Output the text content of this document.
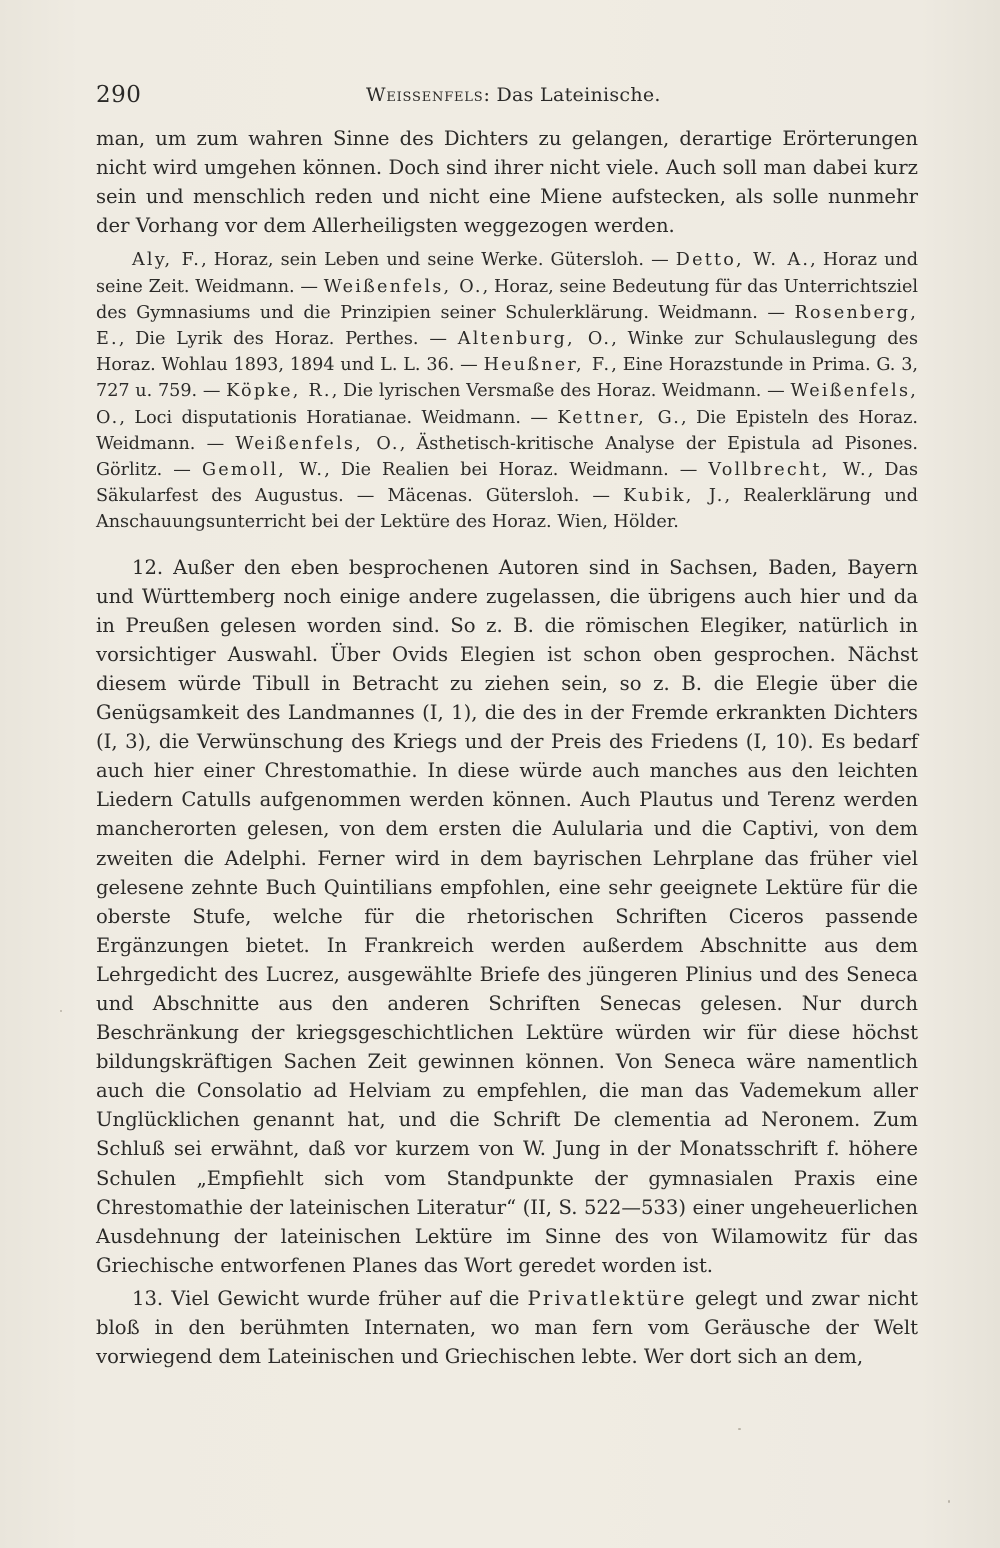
290	Weissenfels: Das Lateinische.

man, um zum wahren Sinne des Dichters zu gelangen, derartige Erörterungen nicht wird umgehen können. Doch sind ihrer nicht viele. Auch soll man dabei kurz sein und menschlich reden und nicht eine Miene aufstecken, als solle nunmehr der Vorhang vor dem Allerheiligsten weggezogen werden.

Aly, F., Horaz, sein Leben und seine Werke. Gütersloh. — Detto, W. A., Horaz und seine Zeit. Weidmann. — Weißenfels, O., Horaz, seine Bedeutung für das Unterrichtsziel des Gymnasiums und die Prinzipien seiner Schulerklärung. Weidmann. — Rosenberg, E., Die Lyrik des Horaz. Perthes. — Altenburg, O., Winke zur Schulauslegung des Horaz. Wohlau 1893, 1894 und L. L. 36. — Heußner, F., Eine Horazstunde in Prima. G. 3, 727 u. 759. — Köpke, R., Die lyrischen Versmaße des Horaz. Weidmann. — Weißenfels, O., Loci disputationis Horatianae. Weidmann. — Kettner, G., Die Episteln des Horaz. Weidmann. — Weißenfels, O., Ästhetisch-kritische Analyse der Epistula ad Pisones. Görlitz. — Gemoll, W., Die Realien bei Horaz. Weidmann. — Vollbrecht, W., Das Säkularfest des Augustus. — Mäcenas. Gütersloh. — Kubik, J., Realerklärung und Anschauungsunterricht bei der Lektüre des Horaz. Wien, Hölder.

12. Außer den eben besprochenen Autoren sind in Sachsen, Baden, Bayern und Württemberg noch einige andere zugelassen, die übrigens auch hier und da in Preußen gelesen worden sind. So z. B. die römischen Elegiker, natürlich in vorsichtiger Auswahl. Über Ovids Elegien ist schon oben gesprochen. Nächst diesem würde Tibull in Betracht zu ziehen sein, so z. B. die Elegie über die Genügsamkeit des Landmannes (I, 1), die des in der Fremde erkrankten Dichters (I, 3), die Verwünschung des Kriegs und der Preis des Friedens (I, 10). Es bedarf auch hier einer Chrestomathie. In diese würde auch manches aus den leichten Liedern Catulls aufgenommen werden können. Auch Plautus und Terenz werden mancherorten gelesen, von dem ersten die Aulularia und die Captivi, von dem zweiten die Adelphi. Ferner wird in dem bayrischen Lehrplane das früher viel gelesene zehnte Buch Quintilians empfohlen, eine sehr geeignete Lektüre für die oberste Stufe, welche für die rhetorischen Schriften Ciceros passende Ergänzungen bietet. In Frankreich werden außerdem Abschnitte aus dem Lehrgedicht des Lucrez, ausgewählte Briefe des jüngeren Plinius und des Seneca und Abschnitte aus den anderen Schriften Senecas gelesen. Nur durch Beschränkung der kriegsgeschichtlichen Lektüre würden wir für diese höchst bildungskräftigen Sachen Zeit gewinnen können. Von Seneca wäre namentlich auch die Consolatio ad Helviam zu empfehlen, die man das Vademekum aller Unglücklichen genannt hat, und die Schrift De clementia ad Neronem. Zum Schluß sei erwähnt, daß vor kurzem von W. Jung in der Monatsschrift f. höhere Schulen „Empfiehlt sich vom Standpunkte der gymnasialen Praxis eine Chrestomathie der lateinischen Literatur“ (II, S. 522—533) einer ungeheuerlichen Ausdehnung der lateinischen Lektüre im Sinne des von Wilamowitz für das Griechische entworfenen Planes das Wort geredet worden ist.

13. Viel Gewicht wurde früher auf die Privatlektüre gelegt und zwar nicht bloß in den berühmten Internaten, wo man fern vom Geräusche der Welt vorwiegend dem Lateinischen und Griechischen lebte. Wer dort sich an dem,
